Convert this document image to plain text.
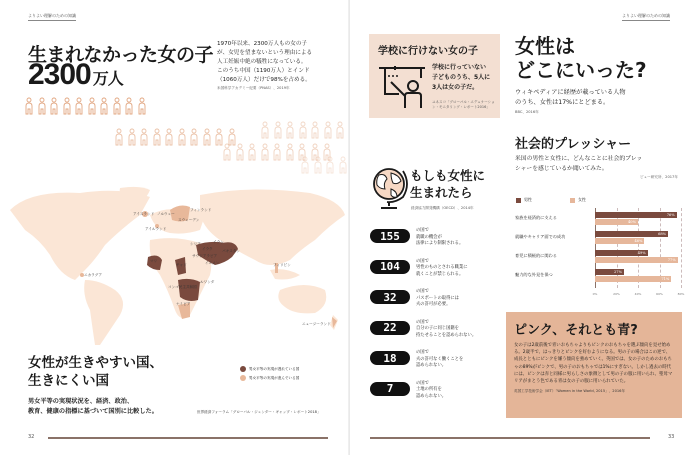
よりよい理解のための知識
生まれなかった女の子
2300 万人
1970年以来、2300万人もの女の子
が、女児を望まないという理由による
人工妊娠中絶の犠牲になっている。
このうち中国（1190万人）とインド
（1060万人）だけで98%を占める。
米国科学アカデミー紀要（PNAS）、2019年
アイスランド ノルウェー
フィンランド
スウェーデン
アイルランド
ニカラグア
シリア	イラン
イラク	パキスタン
サウジアラビア
イエメン
マリ
チャド
コンゴ民主共和国
ルワンダ
ナミビア
フィリピン
ニュージーランド
女性が生きやすい国、
生きにくい国
男女平等の実現状況を、経済、政治、
教育、健康の指標に基づいて国別に比較した。
男女平等の実現が遅れている国
男女平等の実現が進んでいる国
世界経済フォーラム「グローバル・ジェンダー・ギャップ・レポート2018」
32
よりよい理解のための知識
学校に行けない女の子
学校に行っていない
子どものうち、5人に
3人は女の子だ。
ユネスコ「グローバル・エデュケーショ
ン・モニタリング・レポート2016」
女性は
どこにいった?
ウィキペディアに経歴が載っている人物
のうち、女性は17%にとどまる。
BBC、2016年
社会的プレッシャー
米国の男性と女性に、どんなことに社会的プレッ
シャーを感じているか聞いてみた。
ピュー研究所、2017年
男性	女性
0%	20%	40%	60%	80%
家族を経済的に支える	76%
40%
就職やキャリア面での成功	68%
46%
育児に積極的に関わる	49%
77%
魅力的な外見を保つ	27%
71%
もしも女性に
生まれたら
経済協力開発機構（OECD）、2014年
155	の国で
就職の機会が
法律により制限される。
104	の国で
男性のものとされる職業に
就くことが禁じられる。
32	の国で
パスポートの取得には
夫の許可が必要。
22	の国で
自分の子に同じ国籍を
持たせることを認められない。
18	の国で
夫の許可なく働くことを
認められない。
7	の国で
土地の所有を
認められない。
ピンク、それとも青?
女の子は2歳前後で青いおもちゃよりもピンクのおもちゃを選ぶ傾向を見せ始める。2歳半で、はっきりとピンクを好むようになる。男の子の場合はこの逆で、成長とともにピンクを嫌う傾向を強めていく。英国では、女の子のためのおもちゃの89%がピンクで、男の子のおもちゃでは1%にすぎない。しかし過去の時代には、ピンクは赤と同様に男らしさの象徴として男の子の服に用いられ、聖母マリアがまとう色である青は女の子の服に用いられていた。
英国工学技術学会（IET）「Women in the World, 2015」、2016年
33
